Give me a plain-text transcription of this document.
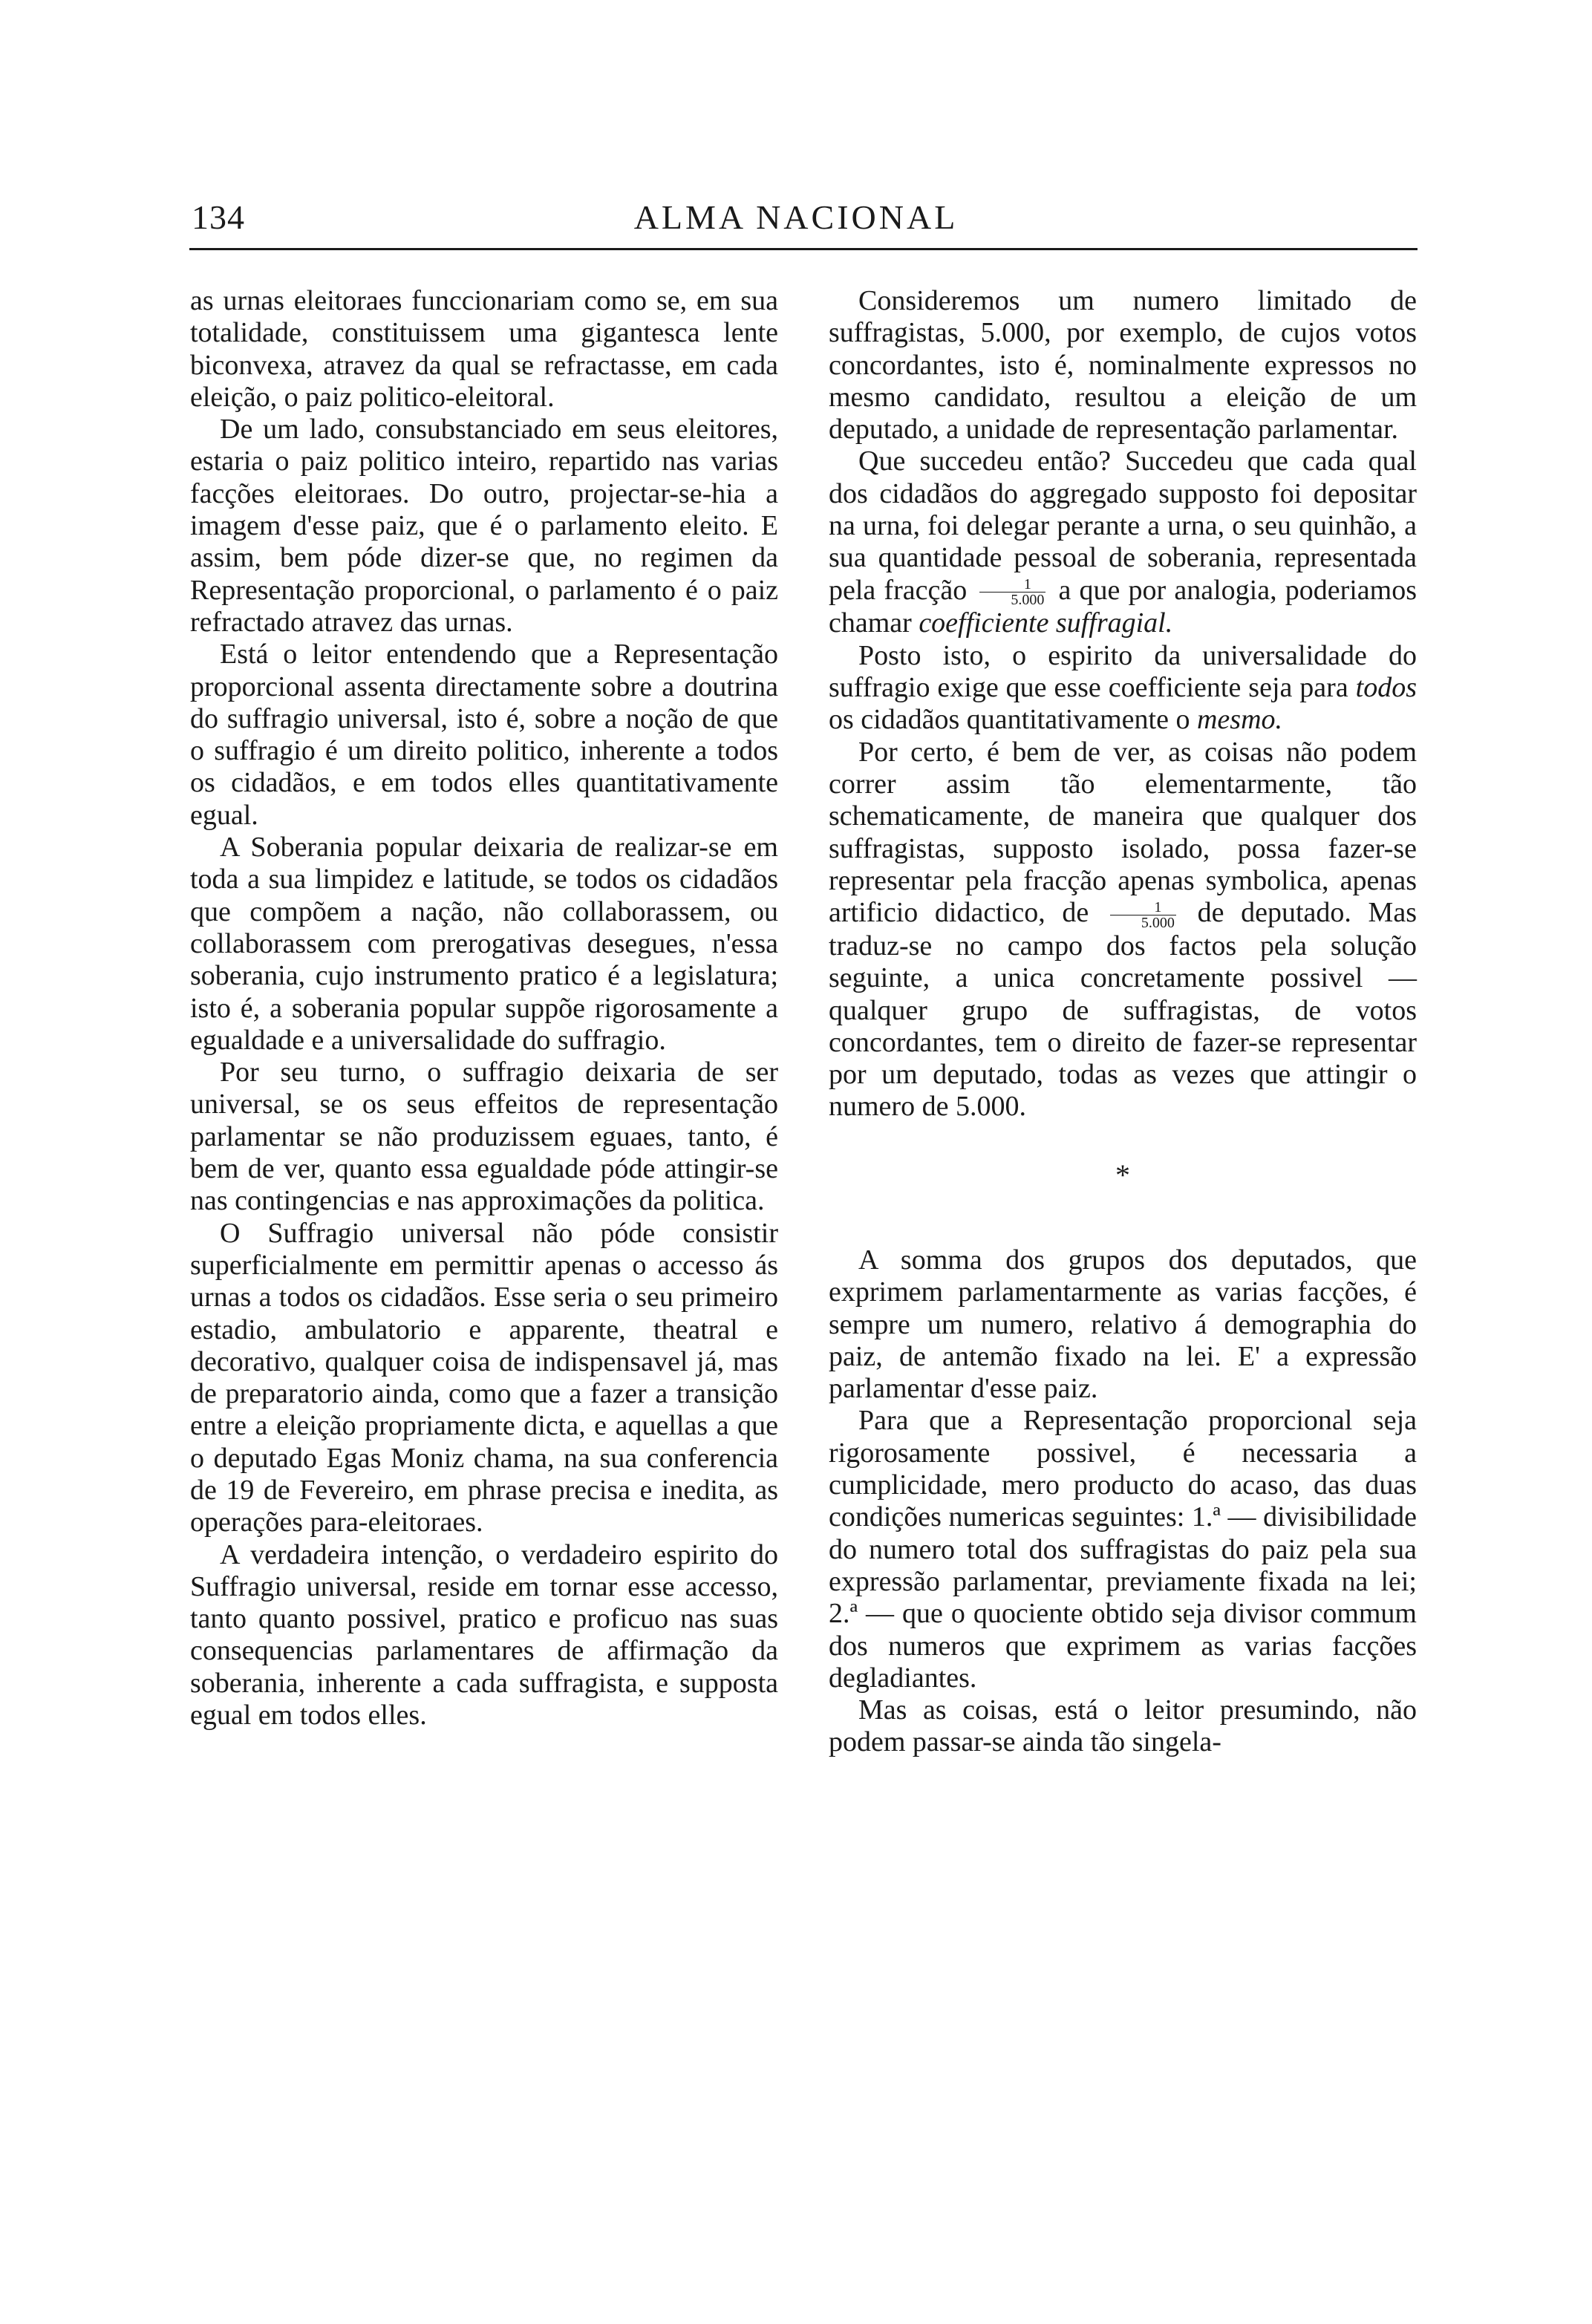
134	ALMA NACIONAL

as urnas eleitoraes funccionariam como se, em sua totalidade, constituissem uma gigantesca lente biconvexa, atravez da qual se refractasse, em cada eleição, o paiz politico-eleitoral.

De um lado, consubstanciado em seus eleitores, estaria o paiz politico inteiro, repartido nas varias facções eleitoraes. Do outro, projectar-se-hia a imagem d'esse paiz, que é o parlamento eleito. E assim, bem póde dizer-se que, no regimen da Representação proporcional, o parlamento é o paiz refractado atravez das urnas.

Está o leitor entendendo que a Representação proporcional assenta directamente sobre a doutrina do suffragio universal, isto é, sobre a noção de que o suffragio é um direito politico, inherente a todos os cidadãos, e em todos elles quantitativamente egual.

A Soberania popular deixaria de realizar-se em toda a sua limpidez e latitude, se todos os cidadãos que compõem a nação, não collaborassem, ou collaborassem com prerogativas desegues, n'essa soberania, cujo instrumento pratico é a legislatura; isto é, a soberania popular suppõe rigorosamente a egualdade e a universalidade do suffragio.

Por seu turno, o suffragio deixaria de ser universal, se os seus effeitos de representação parlamentar se não produzissem eguaes, tanto, é bem de ver, quanto essa egualdade póde attingir-se nas contingencias e nas approximações da politica.

O Suffragio universal não póde consistir superficialmente em permittir apenas o accesso ás urnas a todos os cidadãos. Esse seria o seu primeiro estadio, ambulatorio e apparente, theatral e decorativo, qualquer coisa de indispensavel já, mas de preparatorio ainda, como que a fazer a transição entre a eleição propriamente dicta, e aquellas a que o deputado Egas Moniz chama, na sua conferencia de 19 de Fevereiro, em phrase precisa e inedita, as operações para-eleitoraes.

A verdadeira intenção, o verdadeiro espirito do Suffragio universal, reside em tornar esse accesso, tanto quanto possivel, pratico e proficuo nas suas consequencias parlamentares de affirmação da soberania, inherente a cada suffragista, e supposta egual em todos elles.

Consideremos um numero limitado de suffragistas, 5.000, por exemplo, de cujos votos concordantes, isto é, nominalmente expressos no mesmo candidato, resultou a eleição de um deputado, a unidade de representação parlamentar.

Que succedeu então? Succedeu que cada qual dos cidadãos do aggregado supposto foi depositar na urna, foi delegar perante a urna, o seu quinhão, a sua quantidade pessoal de soberania, representada pela fracção $\frac{1}{5.000}$ a que por analogia, poderiamos chamar coefficiente suffragial.

Posto isto, o espirito da universalidade do suffragio exige que esse coefficiente seja para todos os cidadãos quantitativamente o mesmo.

Por certo, é bem de ver, as coisas não podem correr assim tão elementarmente, tão schematicamente, de maneira que qualquer dos suffragistas, supposto isolado, possa fazer-se representar pela fracção apenas symbolica, apenas artificio didactico, de $\frac{1}{5.000}$ de deputado. Mas traduz-se no campo dos factos pela solução seguinte, a unica concretamente possivel — qualquer grupo de suffragistas, de votos concordantes, tem o direito de fazer-se representar por um deputado, todas as vezes que attingir o numero de 5.000.

*

A somma dos grupos dos deputados, que exprimem parlamentarmente as varias facções, é sempre um numero, relativo á demographia do paiz, de antemão fixado na lei. E' a expressão parlamentar d'esse paiz.

Para que a Representação proporcional seja rigorosamente possivel, é necessaria a cumplicidade, mero producto do acaso, das duas condições numericas seguintes: 1.ª — divisibilidade do numero total dos suffragistas do paiz pela sua expressão parlamentar, previamente fixada na lei; 2.ª — que o quociente obtido seja divisor commum dos numeros que exprimem as varias facções degladiantes.

Mas as coisas, está o leitor presumindo, não podem passar-se ainda tão singela-
